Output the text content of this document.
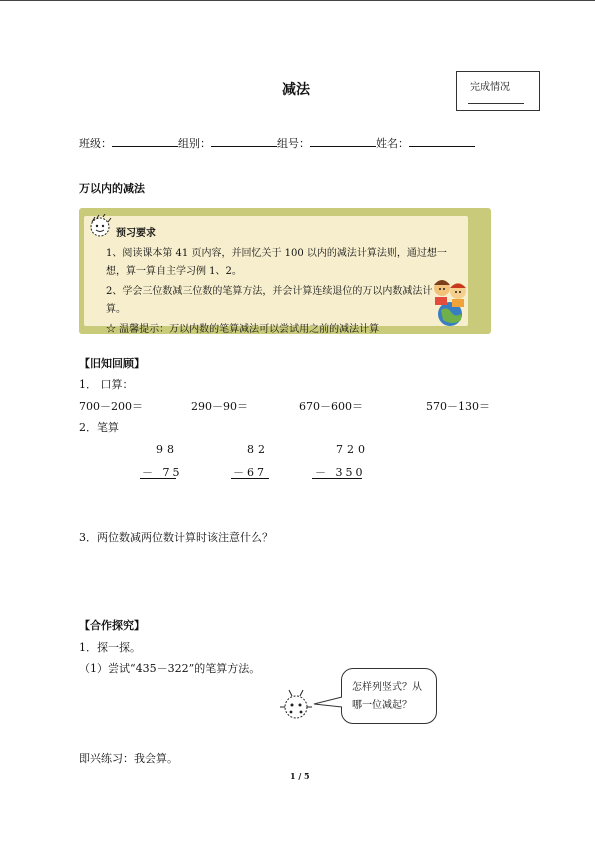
减法	完成情况
班级：	组别：	组号：	姓名：
万以内的减法
预习要求
1、阅读课本第 41 页内容，并回忆关于 100 以内的减法计算法则，通过想一
想，算一算自主学习例 1、2。
2、学会三位数减三位数的笔算方法，并会计算连续退位的万以内数减法计
算。
☆ 温馨提示：万以内数的笔算减法可以尝试用之前的减法计算
【旧知回顾】
1． 口算：
700－200＝	290－90＝	670－600＝	570－130＝
2．笔算
98
－ 75
82
－67
720
－ 350
3．两位数减两位数计算时该注意什么？
【合作探究】
1．探一探。
（1）尝试“435－322”的笔算方法。
怎样列竖式？从
哪一位减起？
即兴练习：我会算。
1 / 5
